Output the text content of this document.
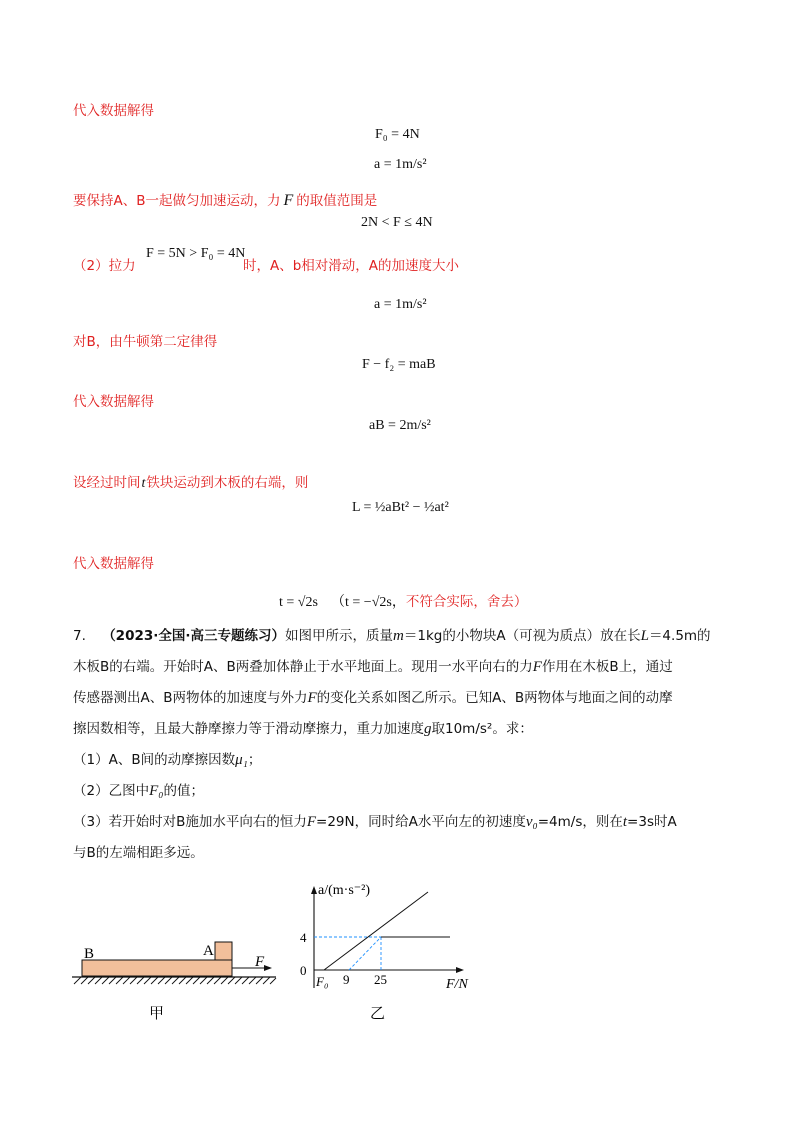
代入数据解得
F₀ = 4N
a = 1m/s²
要保持A、B一起做匀加速运动，力 F 的取值范围是
2N < F ≤ 4N
（2）拉力
F = 5N > F₀ = 4N
时，A、b相对滑动，A的加速度大小
a = 1m/s²
对B，由牛顿第二定律得
F − f₂ = maB
代入数据解得
aB = 2m/s²
设经过时间t铁块运动到木板的右端，则
L = ½aBt² − ½at²
代入数据解得
t = √2s （t = −√2s，不符合实际，舍去）
7. （2023·全国·高三专题练习）如图甲所示，质量m＝1kg的小物块A（可视为质点）放在长L＝4.5m的
木板B的右端。开始时A、B两叠加体静止于水平地面上。现用一水平向右的力F作用在木板B上，通过
传感器测出A、B两物体的加速度与外力F的变化关系如图乙所示。已知A、B两物体与地面之间的动摩
擦因数相等，且最大静摩擦力等于滑动摩擦力，重力加速度g取10m/s²。求：
（1）A、B间的动摩擦因数μ₁；
（2）乙图中F₀的值；
（3）若开始时对B施加水平向右的恒力F=29N，同时给A水平向左的初速度v₀=4m/s，则在t=3s时A
与B的左端相距多远。
B	A
F
甲
a/(m·s⁻²)
4
0
F₀ 9 25	F/N
乙
